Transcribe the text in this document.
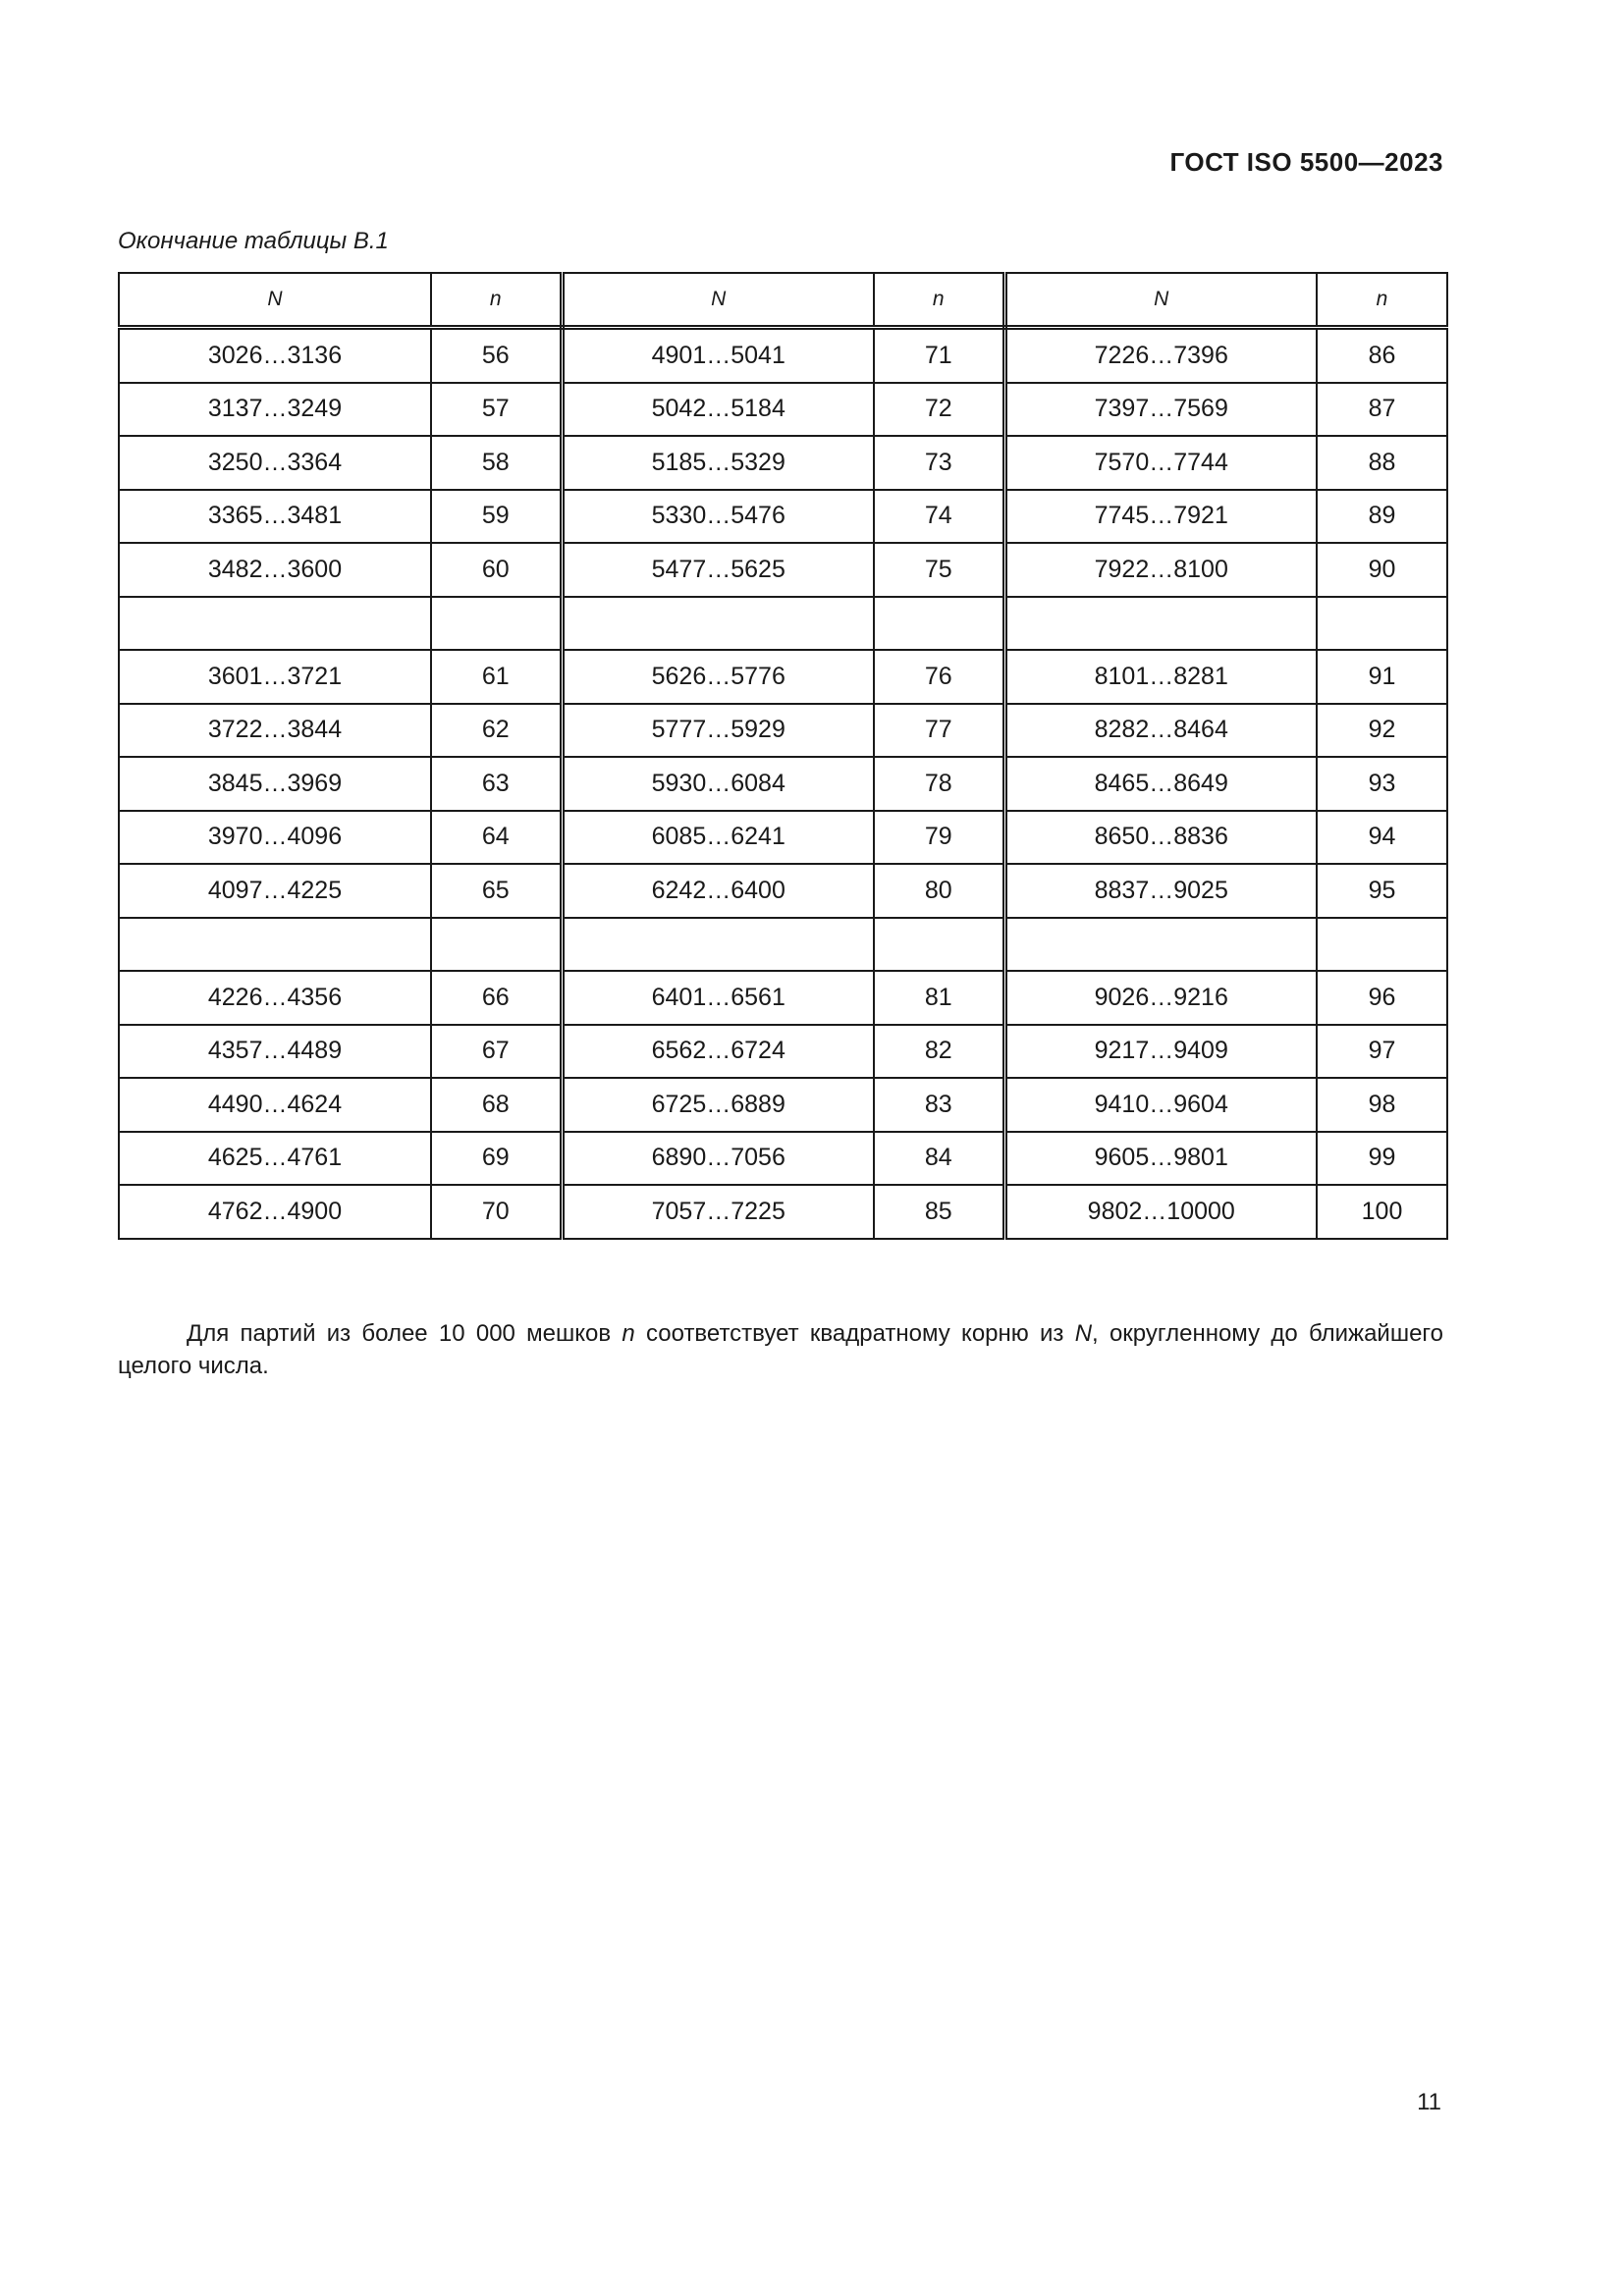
ГОСТ ISO 5500—2023
Окончание таблицы В.1
N	n	N	n	N	n
3026…3136	56	4901…5041	71	7226…7396	86
3137…3249	57	5042…5184	72	7397…7569	87
3250…3364	58	5185…5329	73	7570…7744	88
3365…3481	59	5330…5476	74	7745…7921	89
3482…3600	60	5477…5625	75	7922…8100	90

3601…3721	61	5626…5776	76	8101…8281	91
3722…3844	62	5777…5929	77	8282…8464	92
3845…3969	63	5930…6084	78	8465…8649	93
3970…4096	64	6085…6241	79	8650…8836	94
4097…4225	65	6242…6400	80	8837…9025	95

4226…4356	66	6401…6561	81	9026…9216	96
4357…4489	67	6562…6724	82	9217…9409	97
4490…4624	68	6725…6889	83	9410…9604	98
4625…4761	69	6890…7056	84	9605…9801	99
4762…4900	70	7057…7225	85	9802…10000	100

Для партий из более 10 000 мешков n соответствует квадратному корню из N, округленному до ближайшего целого числа.

11
